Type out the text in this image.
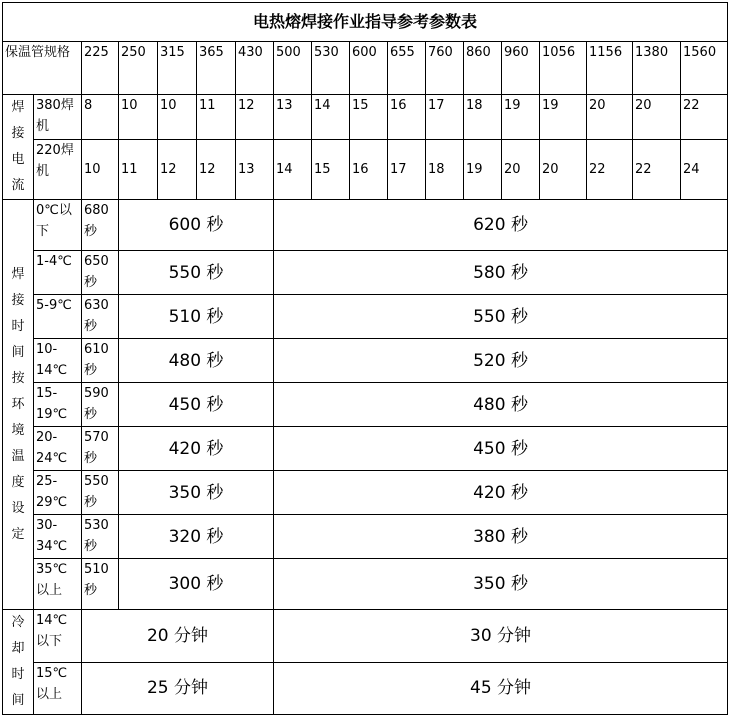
电热熔焊接作业指导参考参数表																	
保温管规格		225	250	315	365	430	500	530	600	655	760	860	960	1056	1156	1380	1560

焊接电流	380焊机	8	10	10	11	12	13	14	15	16	17	18	19	19	20	20	22
	220焊机	10	11	12	12	13	14	15	16	17	18	19	20	20	22	22	24

焊接时间按环境温度设定	0℃以下	680秒	600 秒				620 秒										
	1-4℃	650秒	550 秒				580 秒										
	5-9℃	630秒	510 秒				550 秒										
	10-14℃	610秒	480 秒				520 秒										
	15-19℃	590秒	450 秒				480 秒										
	20-24℃	570秒	420 秒				450 秒										
	25-29℃	550秒	350 秒				420 秒										
	30-34℃	530秒	320 秒				380 秒										
	35℃以上	510秒	300 秒				350 秒										

冷却时间	14℃以下	20 分钟					30 分钟										
	15℃以上	25 分钟					45 分钟										
